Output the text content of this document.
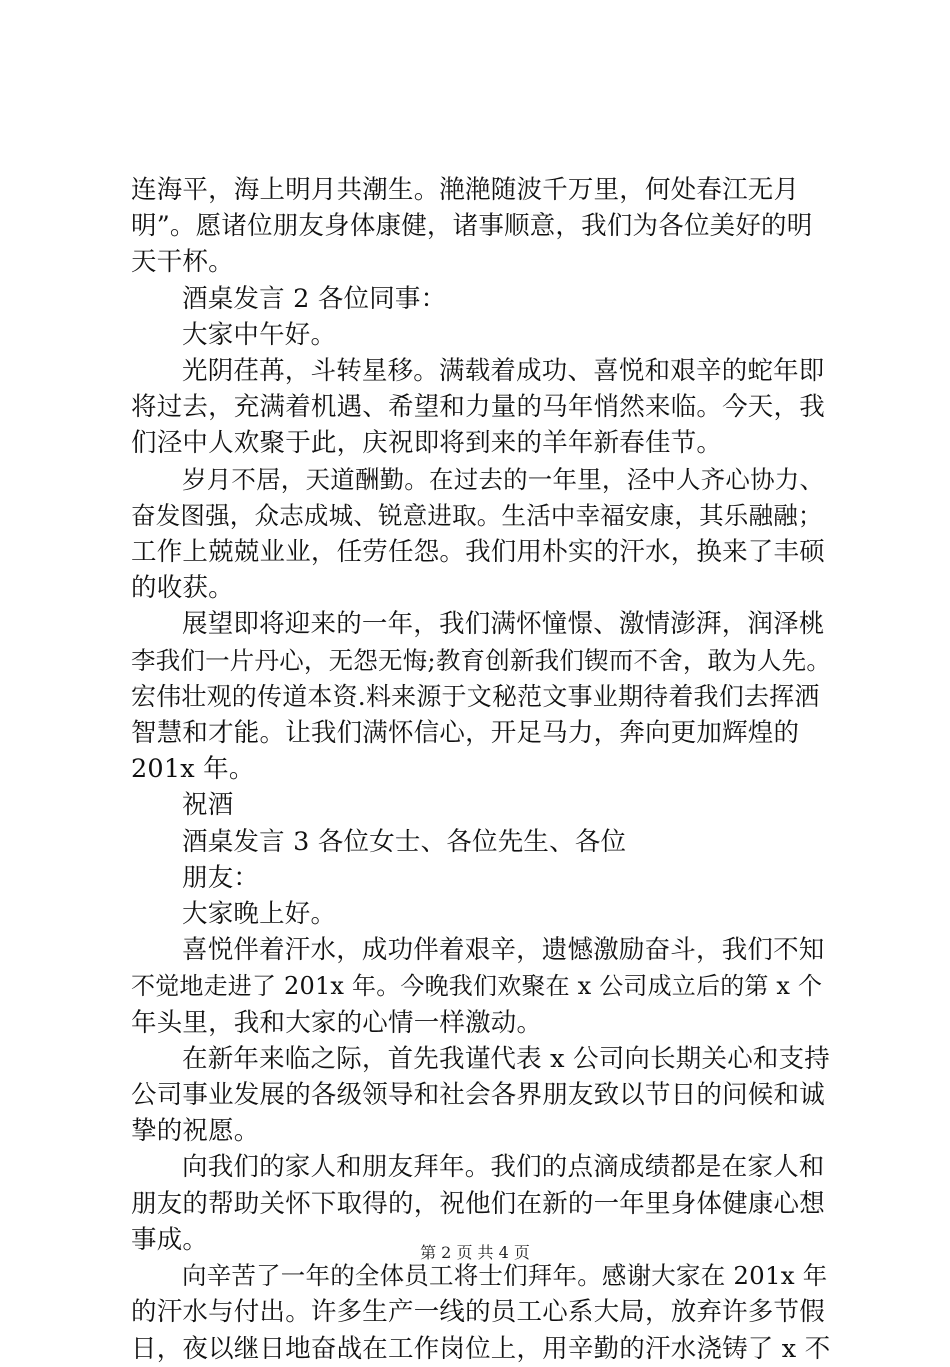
连海平，海上明月共潮生。滟滟随波千万里，何处春江无月
明”。愿诸位朋友身体康健，诸事顺意，我们为各位美好的明
天干杯。
酒桌发言 2 各位同事：
大家中午好。
光阴荏苒，斗转星移。满载着成功、喜悦和艰辛的蛇年即
将过去，充满着机遇、希望和力量的马年悄然来临。今天，我
们泾中人欢聚于此，庆祝即将到来的羊年新春佳节。
岁月不居，天道酬勤。在过去的一年里，泾中人齐心协力、
奋发图强，众志成城、锐意进取。生活中幸福安康，其乐融融；
工作上兢兢业业，任劳任怨。我们用朴实的汗水，换来了丰硕
的收获。
展望即将迎来的一年，我们满怀憧憬、激情澎湃，润泽桃
李我们一片丹心，无怨无悔;教育创新我们锲而不舍，敢为人先。
宏伟壮观的传道本资.料来源于文秘范文事业期待着我们去挥洒
智慧和才能。让我们满怀信心，开足马力，奔向更加辉煌的
201x 年。
祝酒
酒桌发言 3 各位女士、各位先生、各位
朋友：
大家晚上好。
喜悦伴着汗水，成功伴着艰辛，遗憾激励奋斗，我们不知
不觉地走进了 201x 年。今晚我们欢聚在 x 公司成立后的第 x 个
年头里，我和大家的心情一样激动。
在新年来临之际，首先我谨代表 x 公司向长期关心和支持
公司事业发展的各级领导和社会各界朋友致以节日的问候和诚
挚的祝愿。
向我们的家人和朋友拜年。我们的点滴成绩都是在家人和
朋友的帮助关怀下取得的，祝他们在新的一年里身体健康心想
事成。
向辛苦了一年的全体员工将士们拜年。感谢大家在 201x 年
的汗水与付出。许多生产一线的员工心系大局，放弃许多节假
日，夜以继日地奋战在工作岗位上，用辛勤的汗水浇铸了 x 不
第 2 页 共 4 页
